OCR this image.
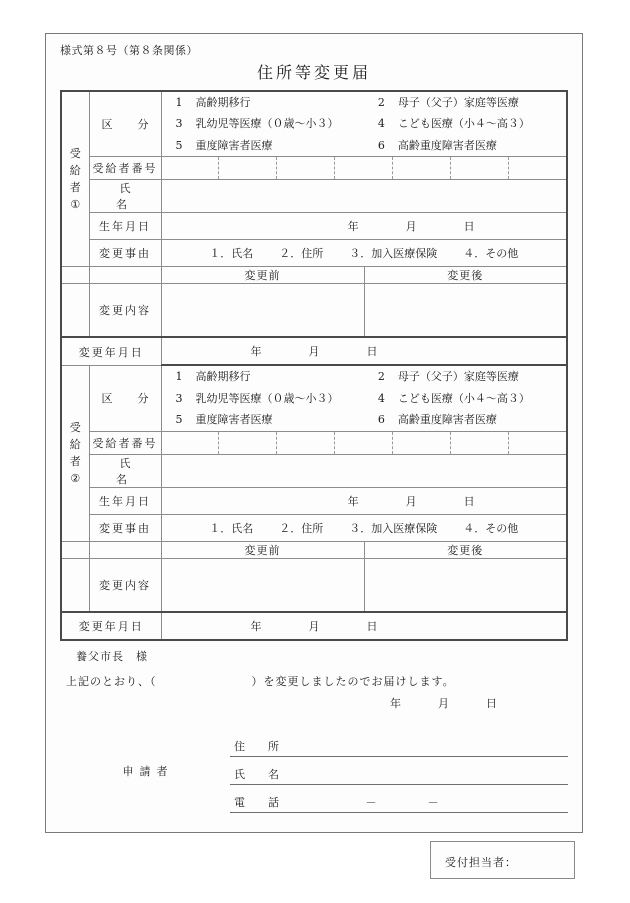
様式第８号（第８条関係）
住所等変更届
受
給
者
①
	区　分	
1	高齢期移行	2	母子（父子）家庭等医療
3	乳幼児等医療（０歳～小３）	4	こども医療（小４～高３）
5	重度障害者医療	6	高齢重度障害者医療

	受給者番号		

	氏　　名		
	生年月日	年 月 日	

	変更事由	１．氏名 ２．住所 ３．加入医療保険 ４．その他	

		変更前	変更後
	変更内容		
変更年月日		年 月 日	

受
給
者
②
	区　分	
1	高齢期移行	2	母子（父子）家庭等医療
3	乳幼児等医療（０歳～小３）	4	こども医療（小４～高３）
5	重度障害者医療	6	高齢重度障害者医療

	受給者番号		

	氏　　名		
	生年月日	年 月 日	

	変更事由	１．氏名 ２．住所 ３．加入医療保険 ４．その他	

		変更前	変更後
	変更内容		
変更年月日		年 月 日	
養父市長　様
上記のとおり、（	）を変更しましたのでお届けします。
年	月	日
申請者
住　所
氏　名
電　話	－	－
受付担当者：
